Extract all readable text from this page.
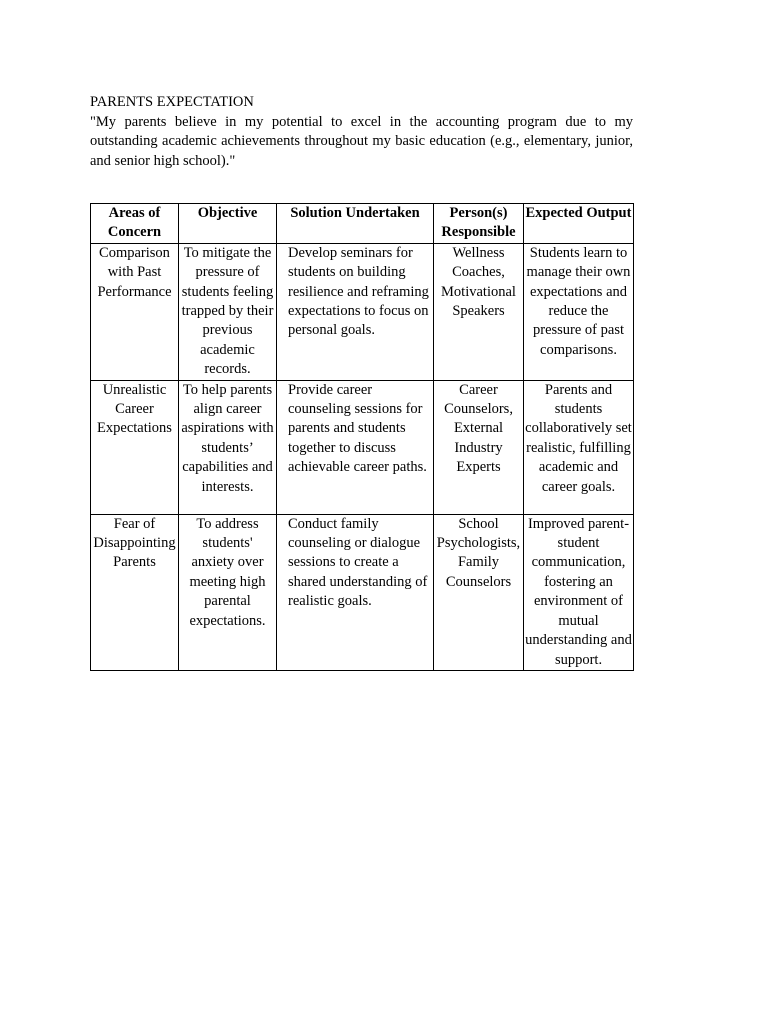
PARENTS EXPECTATION

"My parents believe in my potential to excel in the accounting program due to my outstanding academic achievements throughout my basic education (e.g., elementary, junior, and senior high school)."

Areas of Concern	Objective	Solution Undertaken	Person(s) Responsible	Expected Output
Comparison with Past Performance	To mitigate the pressure of students feeling trapped by their previous academic records.	Develop seminars for students on building resilience and reframing expectations to focus on personal goals.	Wellness Coaches, Motivational Speakers	Students learn to manage their own expectations and reduce the pressure of past comparisons.
Unrealistic Career Expectations	To help parents align career aspirations with students’ capabilities and interests.	Provide career counseling sessions for parents and students together to discuss achievable career paths.	Career Counselors, External Industry Experts	Parents and students collaboratively set realistic, fulfilling academic and career goals.
Fear of Disappointing Parents	To address students' anxiety over meeting high parental expectations.	Conduct family counseling or dialogue sessions to create a shared understanding of realistic goals.	School Psychologists, Family Counselors	Improved parent-student communication, fostering an environment of mutual understanding and support.
